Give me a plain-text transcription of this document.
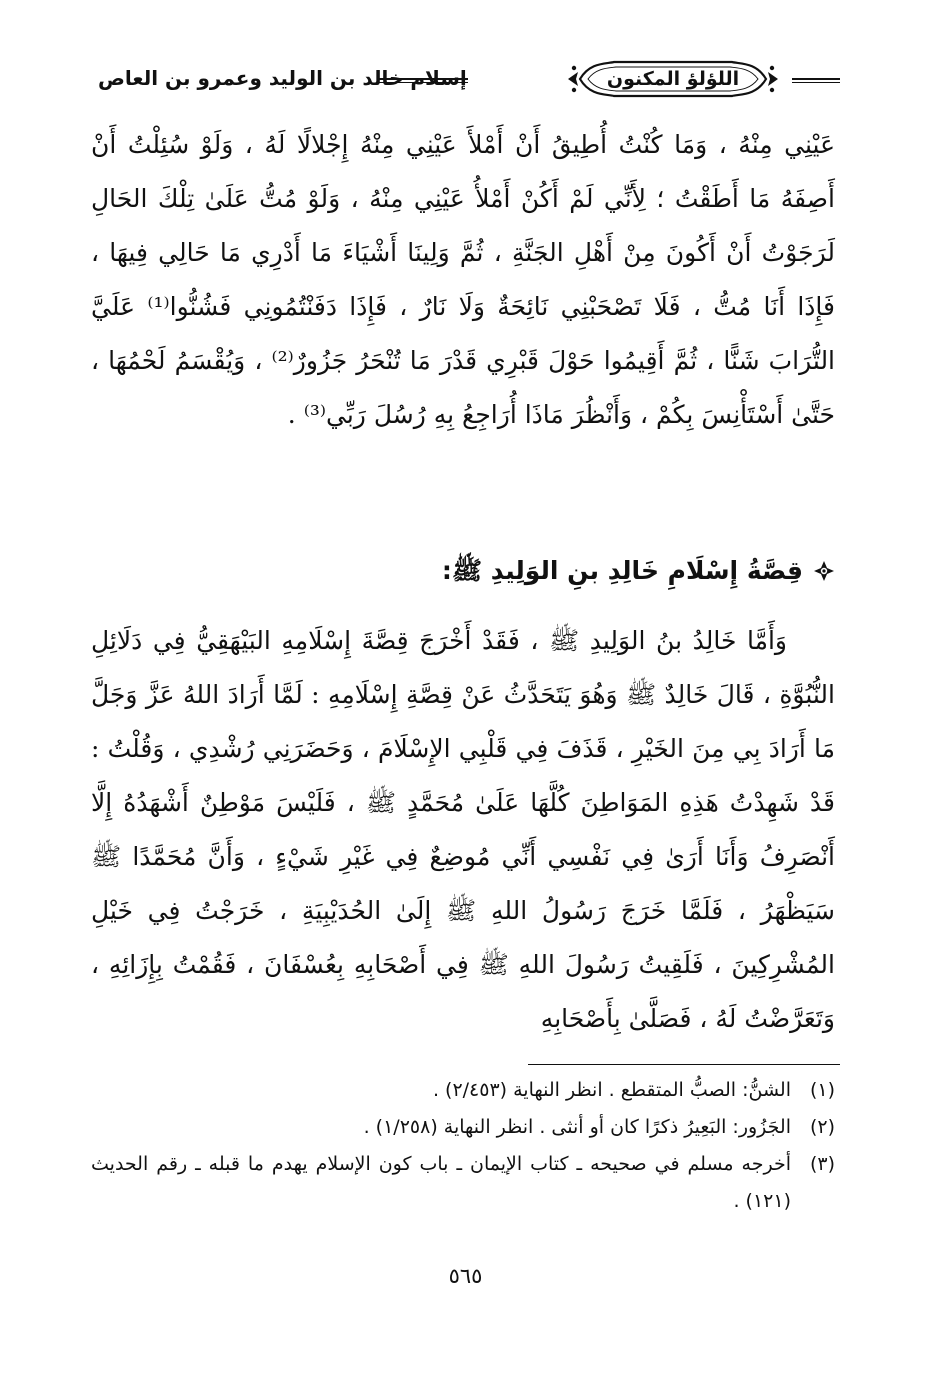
اللؤلؤ المكنون
إسلام خالد بن الوليد وعمرو بن العاص
عَيْنِي مِنْهُ ، وَمَا كُنْتُ أُطِيقُ أَنْ أَمْلأَ عَيْنِي مِنْهُ إِجْلالًا لَهُ ، وَلَوْ سُئِلْتُ أَنْ أَصِفَهُ مَا أَطَقْتُ ؛ لِأَنِّي لَمْ أَكُنْ أَمْلأُ عَيْنِي مِنْهُ ، وَلَوْ مُتُّ عَلَىٰ تِلْكَ الحَالِ لَرَجَوْتُ أَنْ أَكُونَ مِنْ أَهْلِ الجَنَّةِ ، ثُمَّ وَلِينَا أَشْيَاءَ مَا أَدْرِي مَا حَالِي فِيهَا ، فَإِذَا أَنَا مُتُّ ، فَلَا تَصْحَبْنِي نَائِحَةٌ وَلَا نَارٌ ، فَإِذَا دَفَنْتُمُونِي فَشُنُّوا⁽¹⁾ عَلَيَّ التُّرَابَ شَنًّا ، ثُمَّ أَقِيمُوا حَوْلَ قَبْرِي قَدْرَ مَا تُنْحَرُ جَزُورٌ⁽²⁾ ، وَيُقْسَمُ لَحْمُهَا ، حَتَّىٰ أَسْتَأْنِسَ بِكُمْ ، وَأَنْظُرَ مَاذَا أُرَاجِعُ بِهِ رُسُلَ رَبِّي⁽³⁾ .
قِصَّةُ إِسْلَامِ خَالِدِ بنِ الوَلِيدِ ﷺ:
وَأَمَّا خَالِدُ بنُ الوَلِيدِ ﷺ ، فَقَدْ أَخْرَجَ قِصَّةَ إِسْلَامِهِ البَيْهَقِيُّ فِي دَلَائِلِ النُّبُوَّةِ ، قَالَ خَالِدٌ ﷺ وَهُوَ يَتَحَدَّثُ عَنْ قِصَّةِ إِسْلَامِهِ : لَمَّا أَرَادَ اللهُ عَزَّ وَجَلَّ مَا أَرَادَ بِي مِنَ الخَيْرِ ، قَذَفَ فِي قَلْبِي الإِسْلَامَ ، وَحَضَرَنِي رُشْدِي ، وَقُلْتُ : قَدْ شَهِدْتُ هَذِهِ المَوَاطِنَ كُلَّهَا عَلَىٰ مُحَمَّدٍ ﷺ ، فَلَيْسَ مَوْطِنٌ أَشْهَدُهُ إِلَّا أَنْصَرِفُ وَأَنَا أَرَىٰ فِي نَفْسِي أَنِّي مُوضِعٌ فِي غَيْرِ شَيْءٍ ، وَأَنَّ مُحَمَّدًا ﷺ سَيَظْهَرُ ، فَلَمَّا خَرَجَ رَسُولُ اللهِ ﷺ إِلَىٰ الحُدَيْبِيَةِ ، خَرَجْتُ فِي خَيْلِ المُشْرِكِينَ ، فَلَقِيتُ رَسُولَ اللهِ ﷺ فِي أَصْحَابِهِ بِعُسْفَانَ ، فَقُمْتُ بِإِزَائِهِ ، وَتَعَرَّضْتُ لَهُ ، فَصَلَّىٰ بِأَصْحَابِهِ
(١)
الشنُّ: الصبُّ المتقطع . انظر النهاية (٢/٤٥٣) .
(٢)
الجَزُور: البَعِيرُ ذكرًا كان أو أنثى . انظر النهاية (١/٢٥٨) .
(٣)
أخرجه مسلم في صحيحه ـ كتاب الإيمان ـ باب كون الإسلام يهدم ما قبله ـ رقم الحديث (١٢١) .
٥٦٥
